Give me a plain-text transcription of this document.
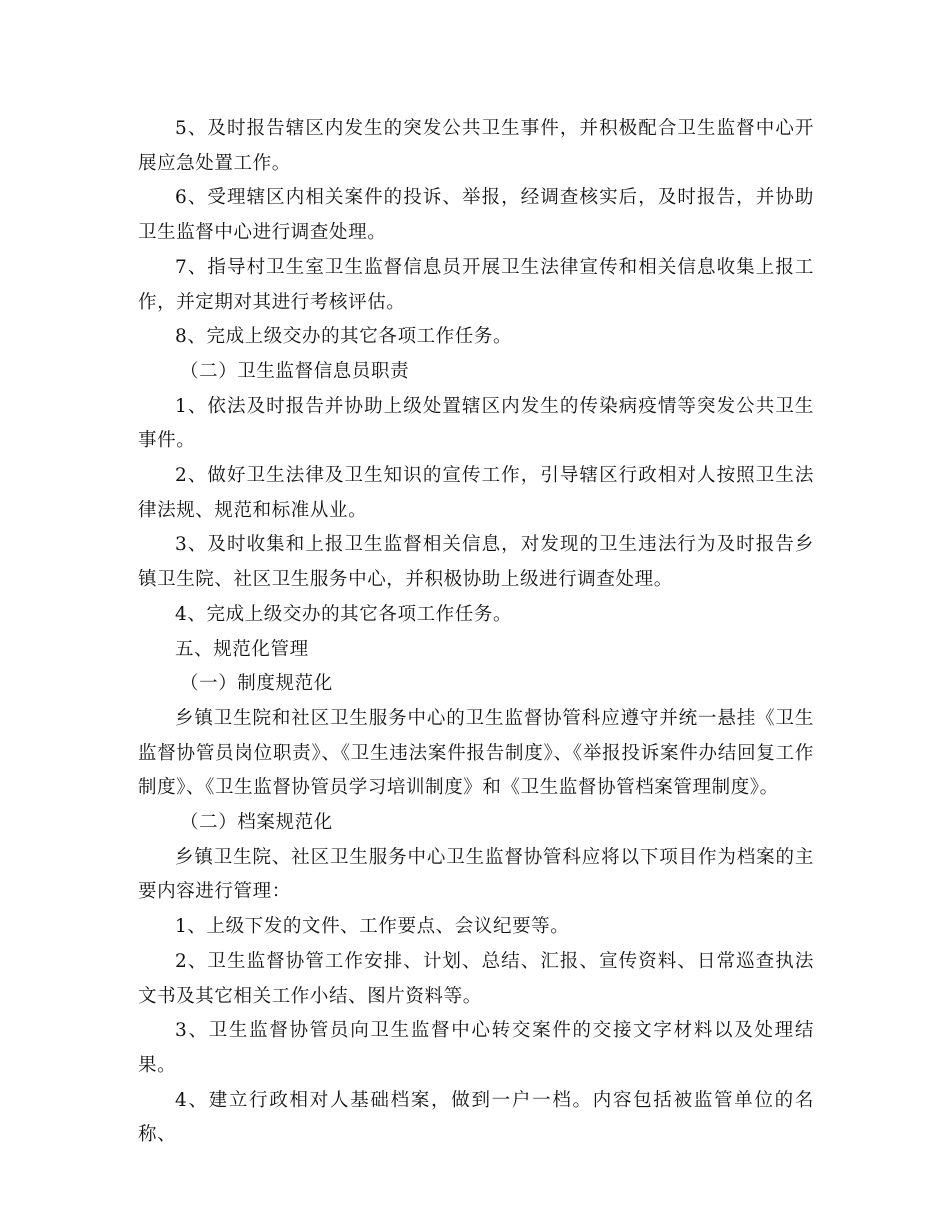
5、及时报告辖区内发生的突发公共卫生事件，并积极配合卫生监督中心开展应急处置工作。

6、受理辖区内相关案件的投诉、举报，经调查核实后，及时报告，并协助卫生监督中心进行调查处理。

7、指导村卫生室卫生监督信息员开展卫生法律宣传和相关信息收集上报工作，并定期对其进行考核评估。

8、完成上级交办的其它各项工作任务。

（二）卫生监督信息员职责

1、依法及时报告并协助上级处置辖区内发生的传染病疫情等突发公共卫生事件。

2、做好卫生法律及卫生知识的宣传工作，引导辖区行政相对人按照卫生法律法规、规范和标准从业。

3、及时收集和上报卫生监督相关信息，对发现的卫生违法行为及时报告乡镇卫生院、社区卫生服务中心，并积极协助上级进行调查处理。

4、完成上级交办的其它各项工作任务。

五、规范化管理

（一）制度规范化

乡镇卫生院和社区卫生服务中心的卫生监督协管科应遵守并统一悬挂《卫生监督协管员岗位职责》、《卫生违法案件报告制度》、《举报投诉案件办结回复工作制度》、《卫生监督协管员学习培训制度》和《卫生监督协管档案管理制度》。

（二）档案规范化

乡镇卫生院、社区卫生服务中心卫生监督协管科应将以下项目作为档案的主要内容进行管理：

1、上级下发的文件、工作要点、会议纪要等。

2、卫生监督协管工作安排、计划、总结、汇报、宣传资料、日常巡查执法文书及其它相关工作小结、图片资料等。

3、卫生监督协管员向卫生监督中心转交案件的交接文字材料以及处理结果。

4、建立行政相对人基础档案，做到一户一档。内容包括被监管单位的名称、
